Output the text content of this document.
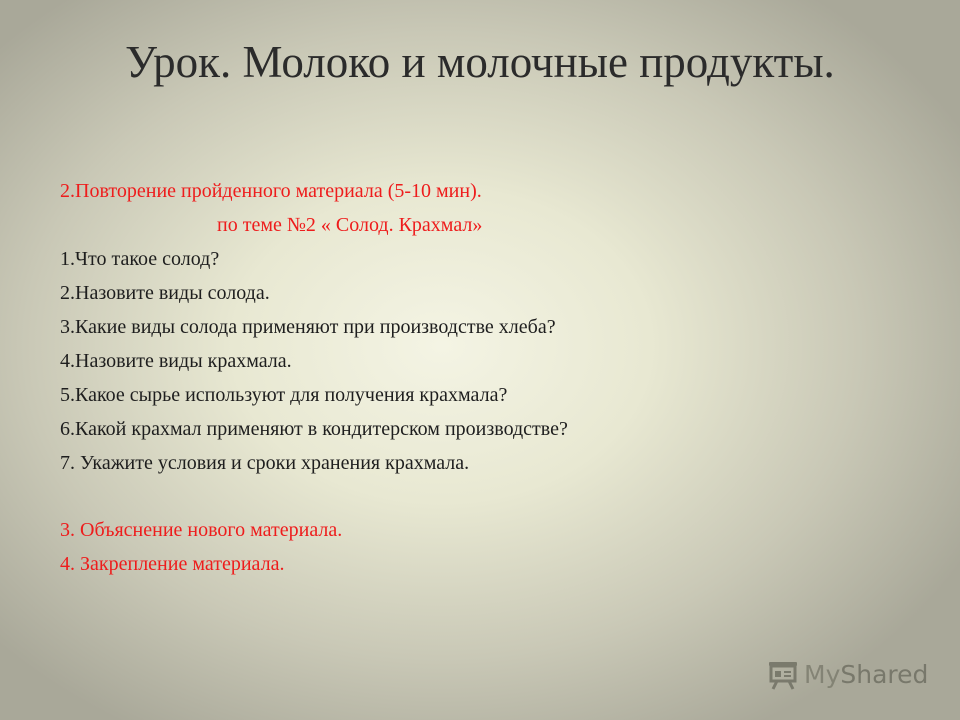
Урок. Молоко и молочные продукты.
2.Повторение пройденного материала (5-10 мин).
по теме №2 « Солод. Крахмал»
1.Что такое солод?
2.Назовите виды солода.
3.Какие виды солода применяют при производстве хлеба?
4.Назовите виды крахмала.
5.Какое сырье используют для получения крахмала?
6.Какой крахмал применяют в кондитерском производстве?
7. Укажите условия и сроки хранения крахмала.
3. Объяснение нового материала.
4. Закрепление материала.
MyShared
